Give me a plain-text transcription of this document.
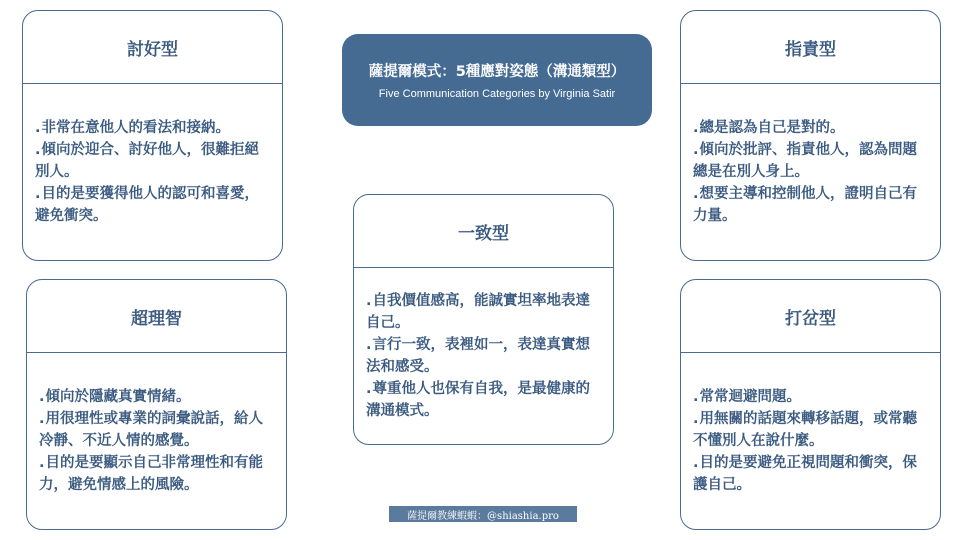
薩提爾模式：5種應對姿態（溝通類型）
Five Communication Categories by Virginia Satir
討好型

. 非常在意他人的看法和接納。

. 傾向於迎合、討好他人，很難拒絕別人。

. 目的是要獲得他人的認可和喜愛，避免衝突。

指責型

. 總是認為自己是對的。

. 傾向於批評、指責他人，認為問題總是在別人身上。

. 想要主導和控制他人，證明自己有力量。

一致型

. 自我價值感高，能誠實坦率地表達自己。

. 言行一致，表裡如一，表達真實想法和感受。

. 尊重他人也保有自我，是最健康的溝通模式。

超理智

. 傾向於隱藏真實情緒。

. 用很理性或專業的詞彙說話，給人冷靜、不近人情的感覺。

. 目的是要顯示自己非常理性和有能力，避免情感上的風險。

打岔型

. 常常迴避問題。

. 用無關的話題來轉移話題，或常聽不懂別人在說什麼。

. 目的是要避免正視問題和衝突，保護自己。

薩提爾教練蝦蝦：@shiashia.pro
